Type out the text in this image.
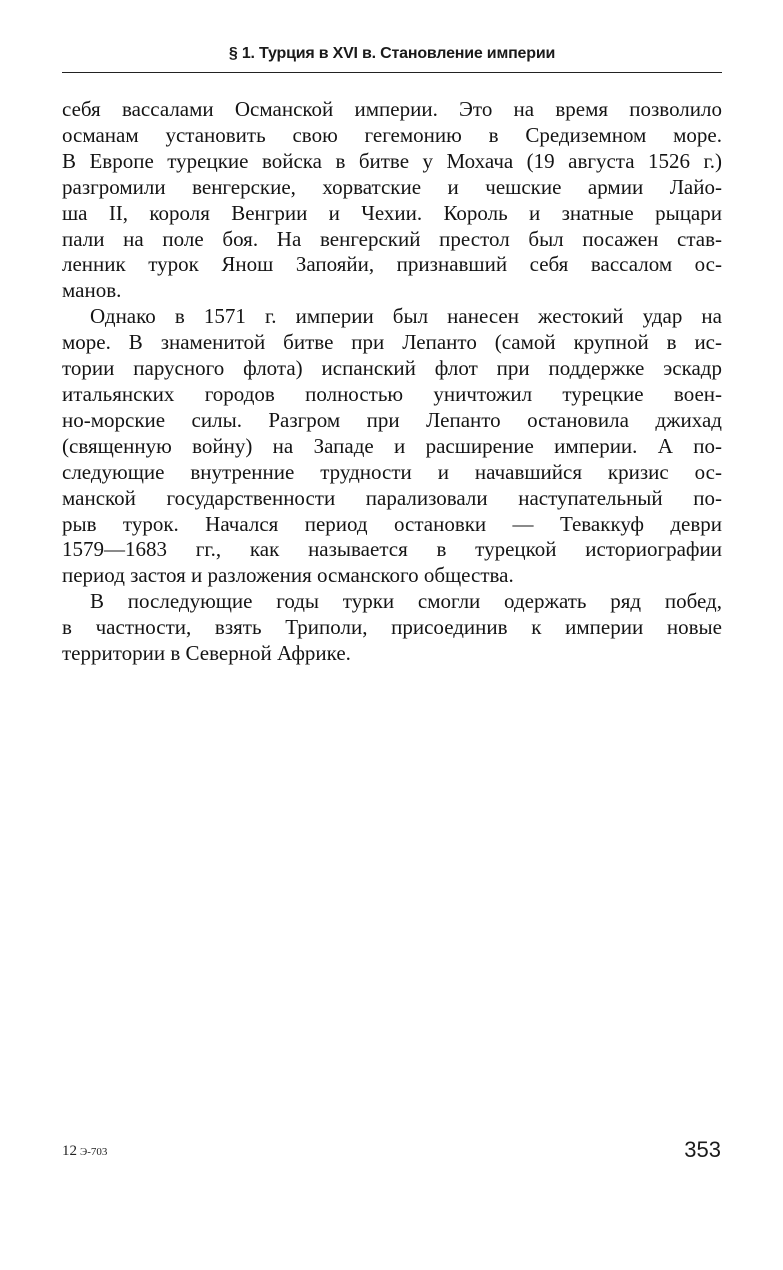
§ 1. Турция в XVI в. Становление империи

себя вассалами Османской империи. Это на время позволило
османам установить свою гегемонию в Средиземном море.
В Европе турецкие войска в битве у Мохача (19 августа 1526 г.)
разгромили венгерские, хорватские и чешские армии Лайо-
ша II, короля Венгрии и Чехии. Король и знатные рыцари
пали на поле боя. На венгерский престол был посажен став-
ленник турок Янош Запояйи, признавший себя вассалом ос-
манов.

Однако в 1571 г. империи был нанесен жестокий удар на
море. В знаменитой битве при Лепанто (самой крупной в ис-
тории парусного флота) испанский флот при поддержке эскадр
итальянских городов полностью уничтожил турецкие воен-
но-морские силы. Разгром при Лепанто остановила джихад
(священную войну) на Западе и расширение империи. А по-
следующие внутренние трудности и начавшийся кризис ос-
манской государственности парализовали наступательный по-
рыв турок. Начался период остановки — Теваккуф деври
1579—1683 гг., как называется в турецкой историографии
период застоя и разложения османского общества.

В последующие годы турки смогли одержать ряд побед,
в частности, взять Триполи, присоединив к империи новые
территории в Северной Африке.

12 Э-703	353
